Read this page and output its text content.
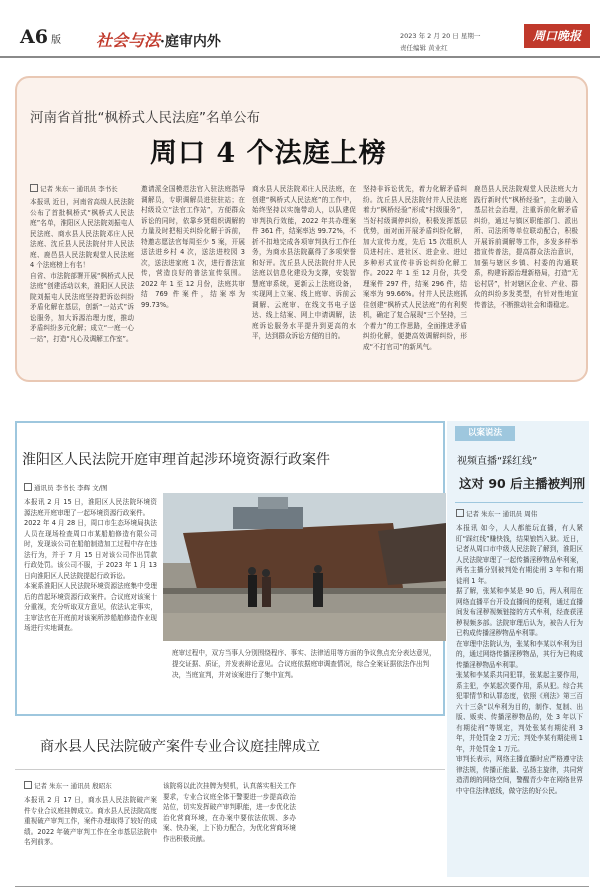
A6 版 社会与法·庭审内外	2023 年 2 月 20 日 星期一
责任编辑 黄业红
周口晚报
河南省首批“枫桥式人民法庭”名单公布
周口 4 个法庭上榜
记者 朱东一 通讯员 李书长

本报讯 近日，河南省高级人民法院公布了首批枫桥式“枫桥式人民法庭”名单，淮阳区人民法院刘振屯人民法庭、商水县人民法院邓庄人民法庭、沈丘县人民法院付井人民法庭、鹿邑县人民法院观堂人民法庭 4 个法庭榜上有名！

自省、市法院部署开展“枫桥式人民法庭”创建活动以来，淮阳区人民法院刘振屯人民法庭坚持把诉讼纠纷矛盾化解在基层，创新“一站式”诉讼服务，加大诉源治理力度，推动矛盾纠纷多元化解；成立“一庭一心一站”，打造“凡心及调解工作室”。

邀请派全国模范法官入驻法庭指导调解员，专职调解员进驻驻站；在村级设立“法官工作站”，方便群众诉讼的同时，依靠乡贤组织调解的力量及时把相关纠纷化解于诉前，特邀志愿法官每周至少 5 案，开展送法进乡村 4 次，送法进校园 3 次，送法进家庭 1 次，进行普法宣传，营造良好的普法宣传氛围。2022 年 1 至 12 月份，法庭共审结 769 件案件，结案率为 99.73%。

商水县人民法院邓庄人民法庭，在创建“枫桥式人民法庭”的工作中，始终坚持以实施带动人，以队建促审判执行效能，2022 年共办理案件 361 件，结案率达 99.72%，不折不扣地完成各项审判执行工作任务，为商水县法院赢得了多项荣誉和好评。沈丘县人民法院付井人民法庭以信息化建设为支撑，安装智慧庭审系统，更新云上法庭设备，实现网上立案、线上庭审、诉前云调解、云庭审、在线文书电子送达、线上结案、网上申请调解，法庭诉讼服务水平提升到更高的水平，达到群众诉讼方便的目的。

坚持非诉讼优先，着力化解矛盾纠纷。沈丘县人民法院付井人民法庭着力“枫桥经验”形成“村级服务”，当好村级调停纠纷，积极发挥基层优势，面对面开展矛盾纠纷化解，加大宣传力度，先后 15 次组织人员进村庄、进社区、进企业、进过多种形式宣传非诉讼纠纷化解工作。2022 年 1 至 12 月份，共受理案件 297 件，结案 296 件，结案率为 99.66%。付井人民法庭抓住创建“枫桥式人民法庭”的有利契机，确定了复合展现“三个坚持，三个着力”的工作思路，全面推进矛盾纠纷化解，便捷高效调解纠纷，形成“不打官司”的新风气。

鹿邑县人民法院观堂人民法庭大力践行新时代“枫桥经验”，主动融入基层社会治理，注重诉前化解矛盾纠纷，通过与镇区职能部门、派出所、司法所等单位联动配合，积极开展诉前调解等工作，多发多样举措宣传普法，提高群众法治意识，加强与辖区乡镇、村委的沟通联系，构建诉源治理新格局，打造“无讼村居”，针对辖区企业、产业、群众的纠纷多发类型，有针对性地宣传普法，不断推动社会和谐稳定。

淮阳区人民法院开庭审理首起涉环境资源行政案件
通讯员 李书长 李辉 文/图

本报讯 2 月 15 日，淮阳区人民法院环境资源法庭开庭审理了一起环境资源行政案件。

2022 年 4 月 28 日，周口市生态环境局执法人员在现场检查周口市某船舶修造有限公司时，发现该公司在船舶制造加工过程中存在违法行为，并于 7 月 15 日对该公司作出罚款行政处罚。该公司不服，于 2023 年 1 月 13 日向淮阳区人民法院提起行政诉讼。

本案系淮阳区人民法院环境资源法庭集中受理后的首起环境资源行政案件。合议庭对该案十分重视，充分听取双方意见，依法认定事实，主审法官在开庭前对该案所涉船舶修造作业现场进行实地调查。

庭审过程中，双方当事人分别围绕程序、事实、法律适用等方面的争议焦点充分表达意见，提交证据、质证，并发表辩论意见。合议庭依据庭审调查情况，综合全案证据依法作出判决，当庭宣判，并对该案进行了集中宣判。
商水县人民法院破产案件专业合议庭挂牌成立
记者 朱东一 通讯员 殷昭东

本报讯 2 月 17 日，商水县人民法院破产案件专业合议庭挂牌成立。商水县人民法院高度重视破产审判工作，案件办理取得了较好的成绩。2022 年破产审判工作在全市基层法院中名列前茅。

该院将以此次挂牌为契机，认真落实相关工作要求，专业合议庭全体干警要进一步提高政治站位，切实发挥破产审判职能，进一步优化法治化营商环境，在办案中要依法依规、多办案、快办案，上下协力配合，为优化营商环境作出积极贡献。

以案说法
视频直播“踩红线”
这对 90 后主播被判刑
记者 朱东一 通讯员 周伟

本报讯 如今，人人都能玩直播，有人紧盯“踩红线”赚快钱，结果锒铛入狱。近日，记者从周口市中级人民法院了解到，淮阳区人民法院审理了一起传播淫秽物品牟利案，两名主播分别被判处有期徒刑 3 年和有期徒刑 1 年。

据了解，张某和李某是 90 后，两人利用在网络直播平台开设直播间的便利，通过直播间发布淫秽视频链接的方式牟利，经查获淫秽视频多部。法院审理后认为，被告人行为已构成传播淫秽物品牟利罪。

在审理中法院认为，张某和李某以牟利为目的，通过网络传播淫秽物品，其行为已构成传播淫秽物品牟利罪。

张某和李某系共同犯罪，张某起主要作用，系主犯，李某起次要作用，系从犯。综合其犯罪情节和认罪态度，依照《刑法》第三百六十三条“以牟利为目的，制作、复制、出版、贩卖、传播淫秽物品的，处 3 年以下有期徒刑”等规定，判处张某有期徒刑 3 年，并处罚金 2 万元；判处李某有期徒刑 1 年，并处罚金 1 万元。

审判长表示，网络主播直播时应严格遵守法律法规，传播正能量、弘扬主旋律，共同营造清朗的网络空间，警醒青少年在网络世界中守住法律底线，做守法的好公民。
